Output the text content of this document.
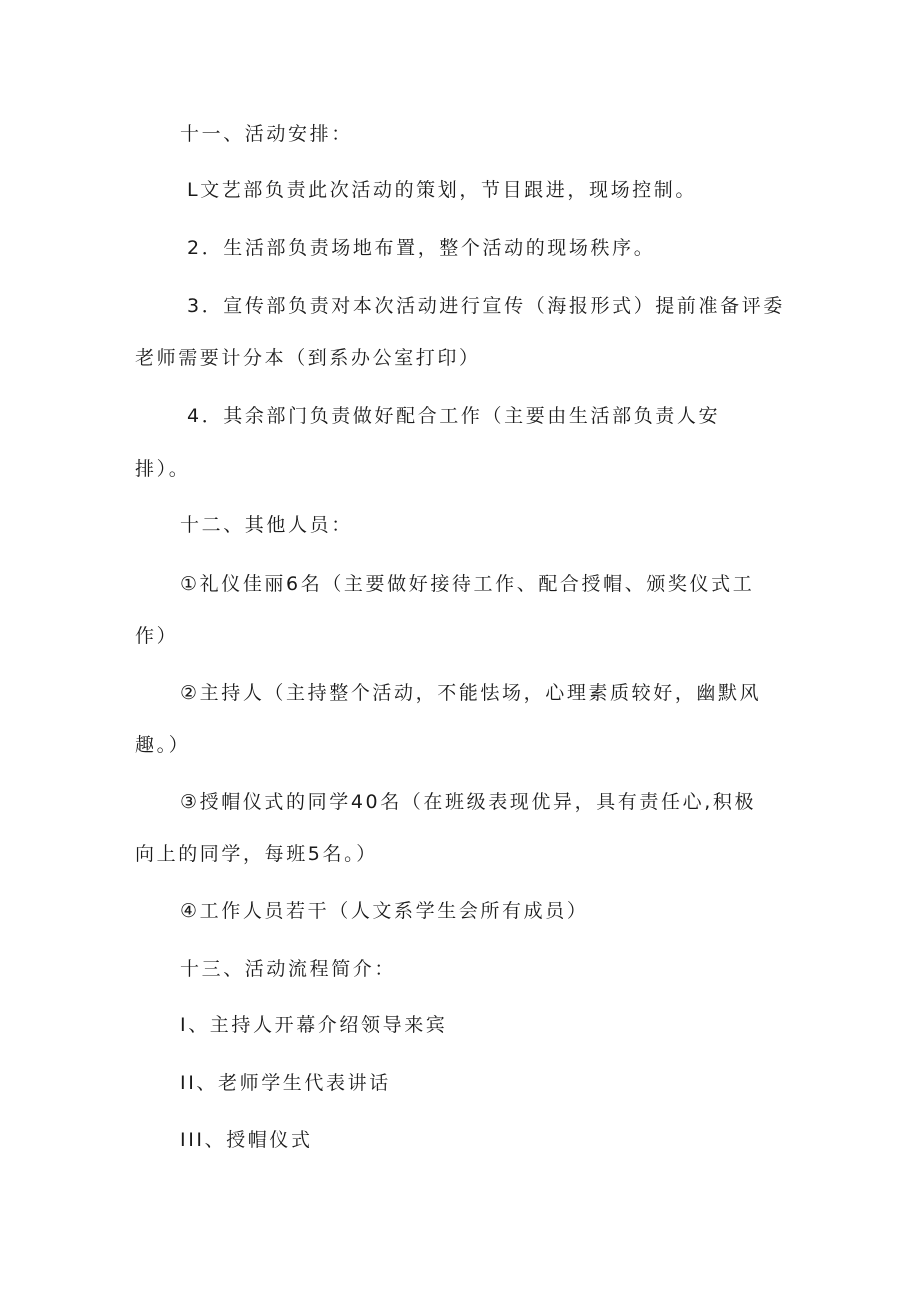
十一、活动安排：

L文艺部负责此次活动的策划，节目跟进，现场控制。

2．生活部负责场地布置，整个活动的现场秩序。

3．宣传部负责对本次活动进行宣传（海报形式）提前准备评委

老师需要计分本（到系办公室打印）

4．其余部门负责做好配合工作（主要由生活部负责人安

排）。

十二、其他人员：

①礼仪佳丽6名（主要做好接待工作、配合授帽、颁奖仪式工

作）

②主持人（主持整个活动，不能怯场，心理素质较好，幽默风

趣。）

③授帽仪式的同学40名（在班级表现优异，具有责任心,积极

向上的同学，每班5名。）

④工作人员若干（人文系学生会所有成员）

十三、活动流程简介：

I、主持人开幕介绍领导来宾

II、老师学生代表讲话

III、授帽仪式
